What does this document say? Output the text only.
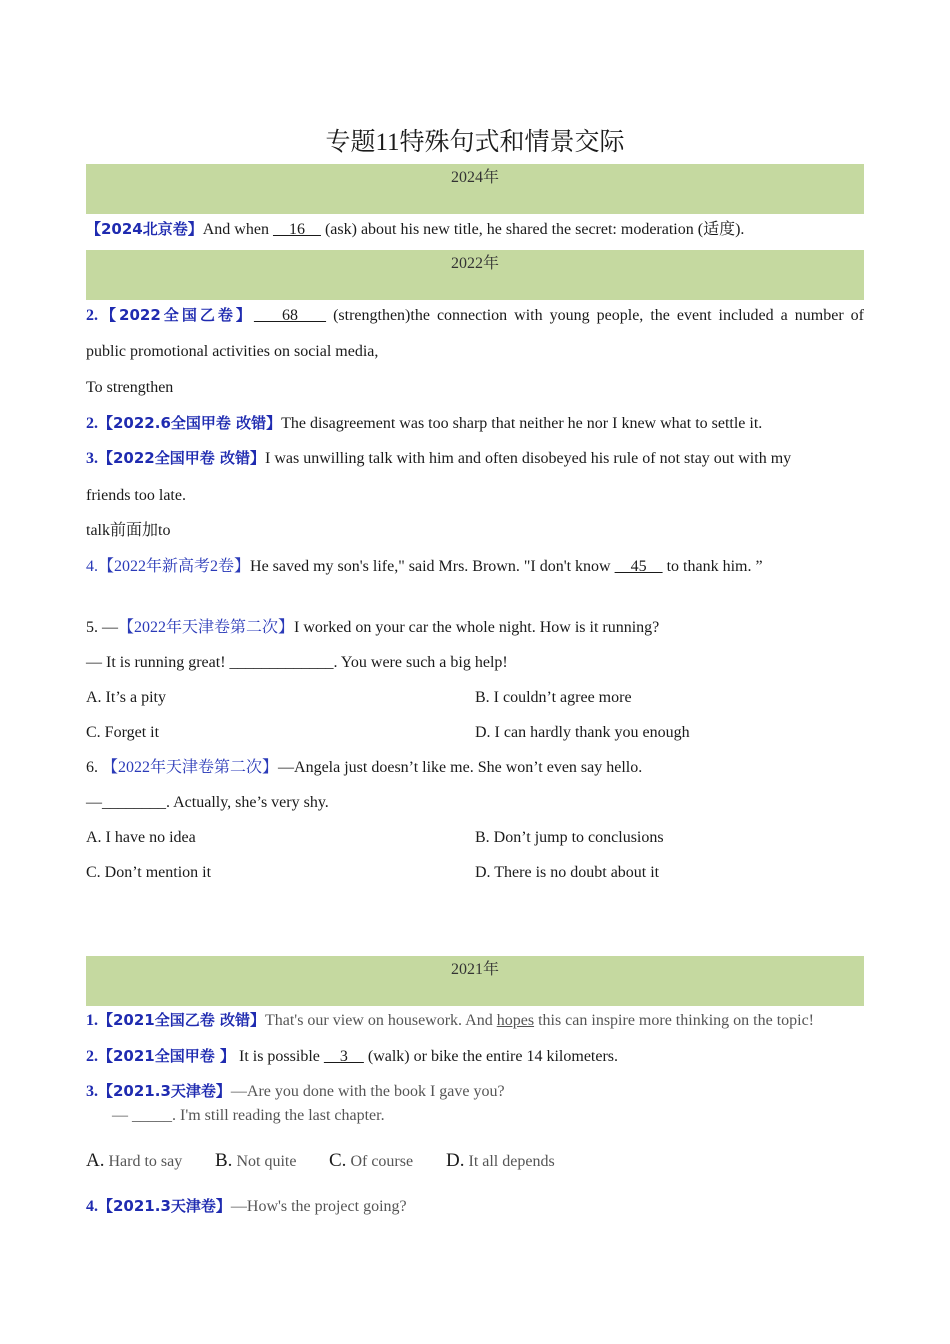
专题11特殊句式和情景交际
2024年
【2024北京卷】And when     16     (ask) about his new title, he shared the secret: moderation (适度).
2022年
2.【2022全国乙卷】    68     (strengthen)the connection with young people, the event included a number of
public promotional activities on social media,
To strengthen
2.【2022.6全国甲卷 改错】The disagreement was too sharp that neither he nor I knew what to settle it.
3.【2022全国甲卷 改错】I was unwilling talk with him and often disobeyed his rule of not stay out with my
friends too late.
talk前面加to
4.【2022年新高考2卷】He saved my son's life," said Mrs. Brown. "I don't know     45     to thank him. ”
5. —【2022年天津卷第二次】I worked on your car the whole night. How is it running?
— It is running great! _____________. You were such a big help!
A. It’s a pity	B. I couldn’t agree more
C. Forget it	D. I can hardly thank you enough
6. 【2022年天津卷第二次】—Angela just doesn’t like me. She won’t even say hello.
—________. Actually, she’s very shy.
A. I have no idea	B. Don’t jump to conclusions
C. Don’t mention it	D. There is no doubt about it
2021年
1.【2021全国乙卷 改错】That's our view on housework. And hopes this can inspire more thinking on the topic!
2.【2021全国甲卷 】 It is possible     3     (walk) or bike the entire 14 kilometers.
3.【2021.3天津卷】—Are you done with the book I gave you?
— _____. I'm still reading the last chapter.
A. Hard to say B. Not quite C. Of course D. It all depends
4.【2021.3天津卷】—How's the project going?
